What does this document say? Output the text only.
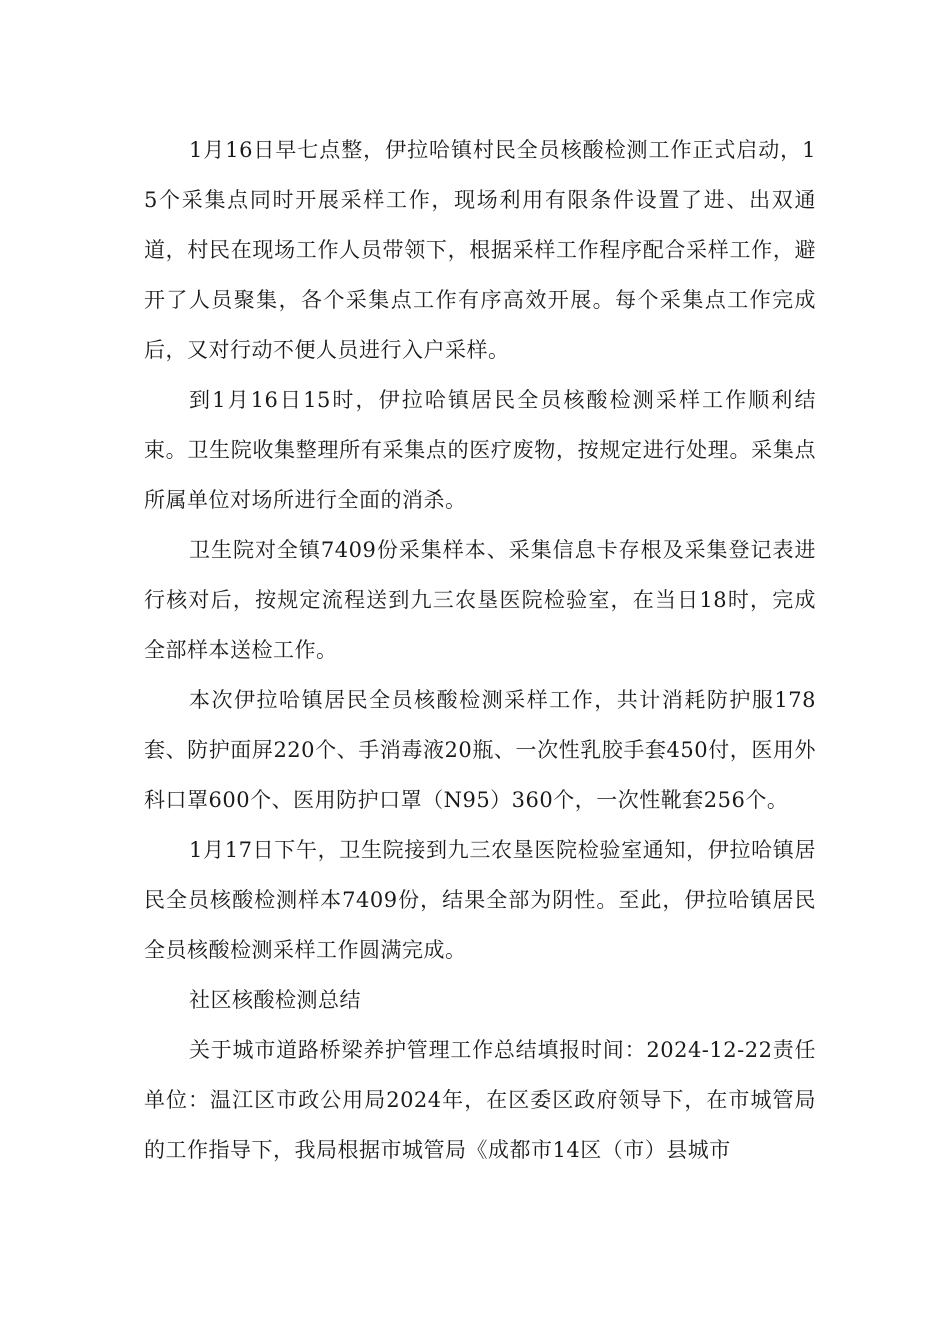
1月16日早七点整，伊拉哈镇村民全员核酸检测工作正式启动，15个采集点同时开展采样工作，现场利用有限条件设置了进、出双通道，村民在现场工作人员带领下，根据采样工作程序配合采样工作，避开了人员聚集，各个采集点工作有序高效开展。每个采集点工作完成后，又对行动不便人员进行入户采样。

到1月16日15时，伊拉哈镇居民全员核酸检测采样工作顺利结束。卫生院收集整理所有采集点的医疗废物，按规定进行处理。采集点所属单位对场所进行全面的消杀。

卫生院对全镇7409份采集样本、采集信息卡存根及采集登记表进行核对后，按规定流程送到九三农垦医院检验室，在当日18时，完成全部样本送检工作。

本次伊拉哈镇居民全员核酸检测采样工作，共计消耗防护服178套、防护面屏220个、手消毒液20瓶、一次性乳胶手套450付，医用外科口罩600个、医用防护口罩（N95）360个，一次性靴套256个。

1月17日下午，卫生院接到九三农垦医院检验室通知，伊拉哈镇居民全员核酸检测样本7409份，结果全部为阴性。至此，伊拉哈镇居民全员核酸检测采样工作圆满完成。

社区核酸检测总结

关于城市道路桥梁养护管理工作总结填报时间：2024-12-22责任单位：温江区市政公用局2024年，在区委区政府领导下，在市城管局的工作指导下，我局根据市城管局《成都市14区（市）县城市
